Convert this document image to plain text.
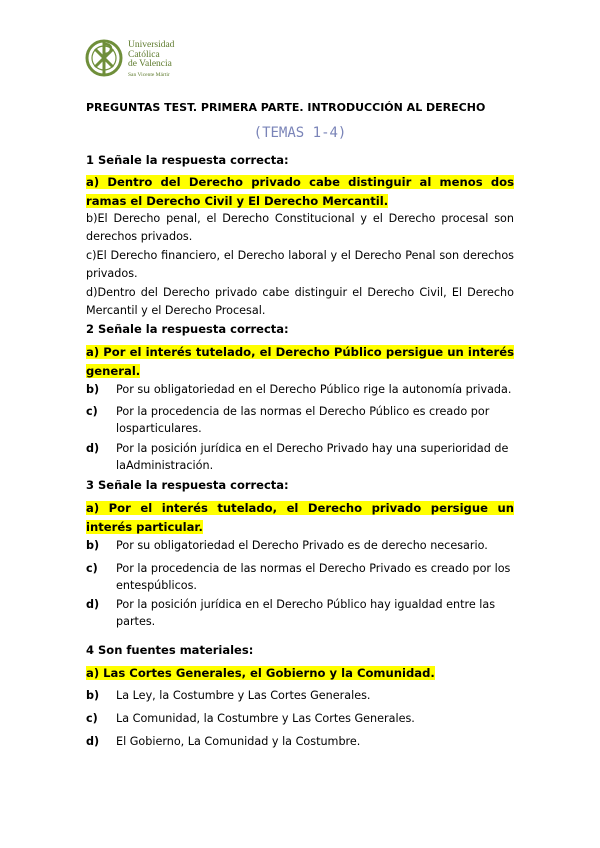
Universidad
Católica
de Valencia
San Vicente Mártir
PREGUNTAS TEST. PRIMERA PARTE. INTRODUCCIÓN AL DERECHO
(TEMAS 1-4)
1 Señale la respuesta correcta:
a) Dentro del Derecho privado cabe distinguir al menos dos ramas el Derecho Civil y El Derecho Mercantil.
b)El Derecho penal, el Derecho Constitucional y el Derecho procesal son derechos privados.
c)El Derecho financiero, el Derecho laboral y el Derecho Penal son derechos privados.
d)Dentro del Derecho privado cabe distinguir el Derecho Civil, El Derecho Mercantil y el Derecho Procesal.
2 Señale la respuesta correcta:
a) Por el interés tutelado, el Derecho Público persigue un interés general.
b)	Por su obligatoriedad en el Derecho Público rige la autonomía privada.
c)	Por la procedencia de las normas el Derecho Público es creado por losparticulares.
d)	Por la posición jurídica en el Derecho Privado hay una superioridad de laAdministración.
3 Señale la respuesta correcta:
a) Por el interés tutelado, el Derecho privado persigue un interés particular.
b)	Por su obligatoriedad el Derecho Privado es de derecho necesario.
c)	Por la procedencia de las normas el Derecho Privado es creado por los entespúblicos.
d)	Por la posición jurídica en el Derecho Público hay igualdad entre las partes.
4 Son fuentes materiales:
a) Las Cortes Generales, el Gobierno y la Comunidad.
b)	La Ley, la Costumbre y Las Cortes Generales.
c)	La Comunidad, la Costumbre y Las Cortes Generales.
d)	El Gobierno, La Comunidad y la Costumbre.
